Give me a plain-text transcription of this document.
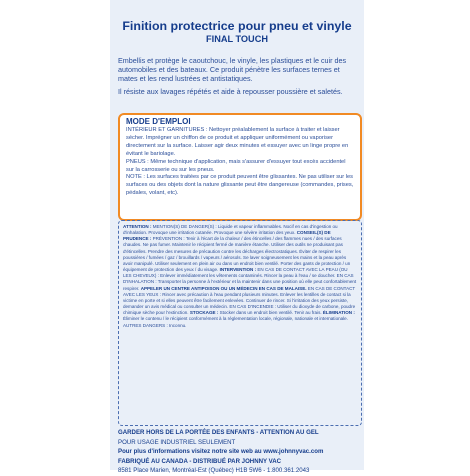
Finition protectrice pour pneu et vinyle
FINAL TOUCH

Embellis et protège le caoutchouc, le vinyle, les plastiques et le cuir des automobiles et des bateaux. Ce produit pénètre les surfaces ternes et mates et les rend lustrées et antistatiques.

Il résiste aux lavages répétés et aide à repousser poussière et saletés.

MODE D'EMPLOI

INTÉRIEUR ET GARNITURES : Nettoyer préalablement la surface à traiter et laisser sécher. Imprégner un chiffon de ce produit et appliquer uniformément ou vaporiser directement sur la surface. Laisser agir deux minutes et essuyer avec un linge propre en évitant le bariolage.

PNEUS : Même technique d'application, mais s'assurer d'essuyer tout excès accidentel sur la carrosserie ou sur les pneus.

NOTE : Les surfaces traitées par ce produit peuvent être glissantes. Ne pas utiliser sur les surfaces ou des objets dont la nature glissante peut être dangereuse (commandes, prises, pédales, volant, etc).

ATTENTION : MENTION(S) DE DANGER(S) : Liquide et vapeur inflammables. Nocif en cas d'ingestion ou d'inhalation. Provoque une irritation cutanée. Provoque une sévère irritation des yeux. CONSEIL(S) DE PRUDENCE : PRÉVENTION : Tenir à l'écart de la chaleur / des étincelles / des flammes nues / des surfaces chaudes. Ne pas fumer. Maintenir le récipient fermé de manière étanche. Utiliser des outils ne produisant pas d'étincelles. Prendre des mesures de précaution contre les décharges électrostatiques. Éviter de respirer les poussières / fumées / gaz / brouillards / vapeurs / aérosols. Se laver soigneusement les mains et la peau après avoir manipulé. Utiliser seulement en plein air ou dans un endroit bien ventilé. Porter des gants de protection / un équipement de protection des yeux / du visage. INTERVENTION : EN CAS DE CONTACT AVEC LA PEAU (OU LES CHEVEUX) : Enlever immédiatement les vêtements contaminés. Rincer la peau à l'eau / se doucher. EN CAS D'INHALATION : Transporter la personne à l'extérieur et la maintenir dans une position où elle peut confortablement respirer. APPELER UN CENTRE ANTIPOISON OU UN MÉDECIN EN CAS DE MALAISE. EN CAS DE CONTACT AVEC LES YEUX : Rincer avec précaution à l'eau pendant plusieurs minutes. Enlever les lentilles de contact si la victime en porte et si elles peuvent être facilement enlevées. Continuer de rincer. Si l'irritation des yeux persiste, demander un avis médical ou consulter un médecin. EN CAS D'INCENDIE : Utiliser du dioxyde de carbone, poudre chimique sèche pour l'extinction. STOCKAGE : Stocker dans un endroit bien ventilé. Tenir au frais. ÉLIMINATION : Éliminer le contenu / le récipient conformément à la réglementation locale, régionale, nationale et internationale. AUTRES DANGERS : Inconnu.
GARDER HORS DE LA PORTÉE DES ENFANTS - ATTENTION AU GEL
POUR USAGE INDUSTRIEL SEULEMENT
Pour plus d'informations visitez notre site web au www.johnnyvac.com
FABRIQUÉ AU CANADA - DISTRIBUÉ PAR JOHNNY VAC
8581 Place Marien, Montréal-Est (Québec) H1B 5W6 - 1.800.361.2043
